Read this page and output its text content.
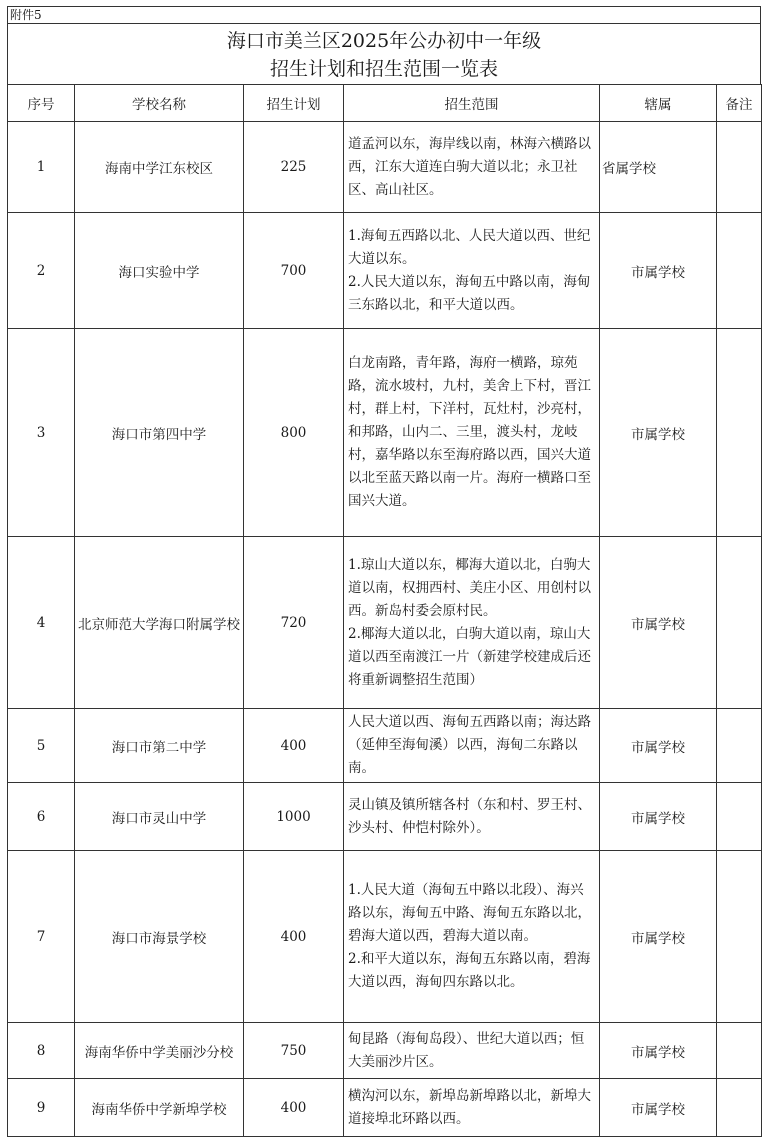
附件5
海口市美兰区2025年公办初中一年级
招生计划和招生范围一览表
序号	学校名称	招生计划	招生范围	辖属	备注
1	海南中学江东校区	225	道孟河以东，海岸线以南，林海六横路以西，江东大道连白驹大道以北；永卫社区、高山社区。	省属学校	
2	海口实验中学	700	1.海甸五西路以北、人民大道以西、世纪大道以东。
2.人民大道以东，海甸五中路以南，海甸三东路以北，和平大道以西。	市属学校	
3	海口市第四中学	800	白龙南路，青年路，海府一横路，琼苑路，流水坡村，九村，美舍上下村，晋江村，群上村，下洋村，瓦灶村，沙亮村，和邦路，山内二、三里，渡头村，龙岐村，嘉华路以东至海府路以西，国兴大道以北至蓝天路以南一片。海府一横路口至国兴大道。	市属学校	
4	北京师范大学海口附属学校	720	1.琼山大道以东，椰海大道以北，白驹大道以南，权拥西村、美庄小区、用创村以西。新岛村委会原村民。
2.椰海大道以北，白驹大道以南，琼山大道以西至南渡江一片（新建学校建成后还将重新调整招生范围）	市属学校	
5	海口市第二中学	400	人民大道以西、海甸五西路以南；海达路（延伸至海甸溪）以西，海甸二东路以南。	市属学校	
6	海口市灵山中学	1000	灵山镇及镇所辖各村（东和村、罗王村、沙头村、仲恺村除外）。	市属学校	
7	海口市海景学校	400	1.人民大道（海甸五中路以北段）、海兴路以东，海甸五中路、海甸五东路以北，碧海大道以西，碧海大道以南。
2.和平大道以东，海甸五东路以南，碧海大道以西，海甸四东路以北。	市属学校	
8	海南华侨中学美丽沙分校	750	甸昆路（海甸岛段）、世纪大道以西；恒大美丽沙片区。	市属学校	
9	海南华侨中学新埠学校	400	横沟河以东，新埠岛新埠路以北，新埠大道接埠北环路以西。	市属学校	
